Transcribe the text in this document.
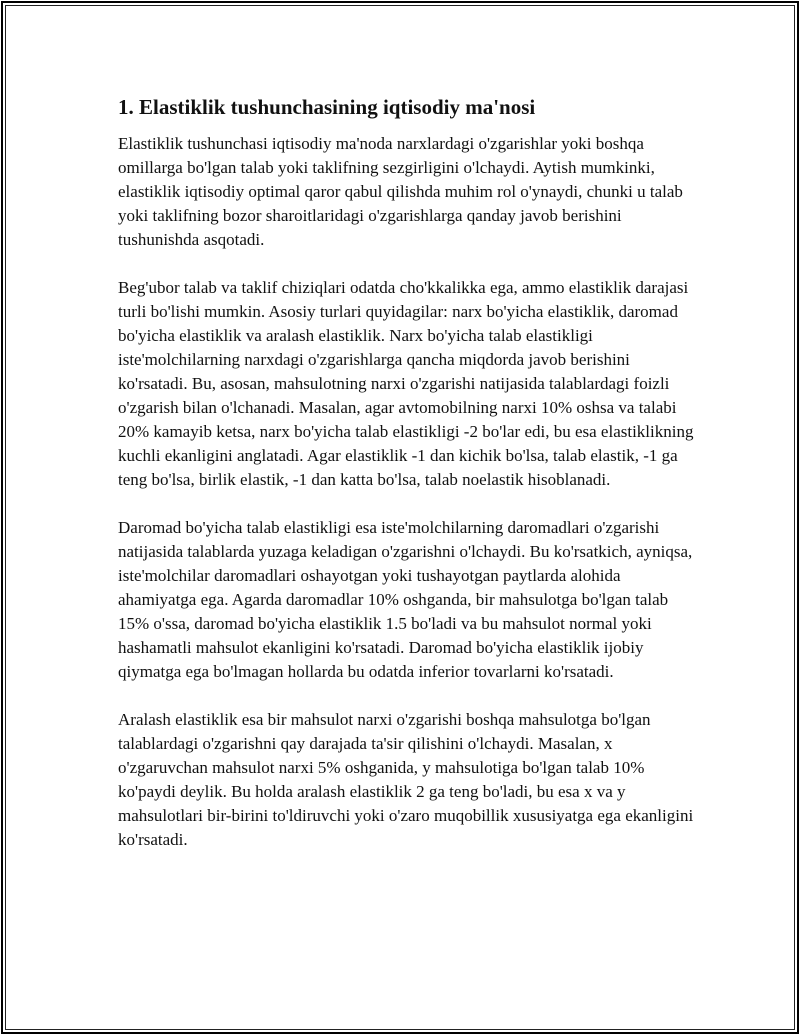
1. Elastiklik tushunchasining iqtisodiy ma'nosi

Elastiklik tushunchasi iqtisodiy ma'noda narxlardagi o'zgarishlar yoki boshqa omillarga bo'lgan talab yoki taklifning sezgirligini o'lchaydi. Aytish mumkinki, elastiklik iqtisodiy optimal qaror qabul qilishda muhim rol o'ynaydi, chunki u talab yoki taklifning bozor sharoitlaridagi o'zgarishlarga qanday javob berishini tushunishda asqotadi.

Beg'ubor talab va taklif chiziqlari odatda cho'kkalikka ega, ammo elastiklik darajasi turli bo'lishi mumkin. Asosiy turlari quyidagilar: narx bo'yicha elastiklik, daromad bo'yicha elastiklik va aralash elastiklik. Narx bo'yicha talab elastikligi iste'molchilarning narxdagi o'zgarishlarga qancha miqdorda javob berishini ko'rsatadi. Bu, asosan, mahsulotning narxi o'zgarishi natijasida talablardagi foizli o'zgarish bilan o'lchanadi. Masalan, agar avtomobilning narxi 10% oshsa va talabi 20% kamayib ketsa, narx bo'yicha talab elastikligi -2 bo'lar edi, bu esa elastiklikning kuchli ekanligini anglatadi. Agar elastiklik -1 dan kichik bo'lsa, talab elastik, -1 ga teng bo'lsa, birlik elastik, -1 dan katta bo'lsa, talab noelastik hisoblanadi.

Daromad bo'yicha talab elastikligi esa iste'molchilarning daromadlari o'zgarishi natijasida talablarda yuzaga keladigan o'zgarishni o'lchaydi. Bu ko'rsatkich, ayniqsa, iste'molchilar daromadlari oshayotgan yoki tushayotgan paytlarda alohida ahamiyatga ega. Agarda daromadlar 10% oshganda, bir mahsulotga bo'lgan talab 15% o'ssa, daromad bo'yicha elastiklik 1.5 bo'ladi va bu mahsulot normal yoki hashamatli mahsulot ekanligini ko'rsatadi. Daromad bo'yicha elastiklik ijobiy qiymatga ega bo'lmagan hollarda bu odatda inferior tovarlarni ko'rsatadi.

Aralash elastiklik esa bir mahsulot narxi o'zgarishi boshqa mahsulotga bo'lgan talablardagi o'zgarishni qay darajada ta'sir qilishini o'lchaydi. Masalan, x o'zgaruvchan mahsulot narxi 5% oshganida, y mahsulotiga bo'lgan talab 10% ko'paydi deylik. Bu holda aralash elastiklik 2 ga teng bo'ladi, bu esa x va y mahsulotlari bir-birini to'ldiruvchi yoki o'zaro muqobillik xususiyatga ega ekanligini ko'rsatadi.
